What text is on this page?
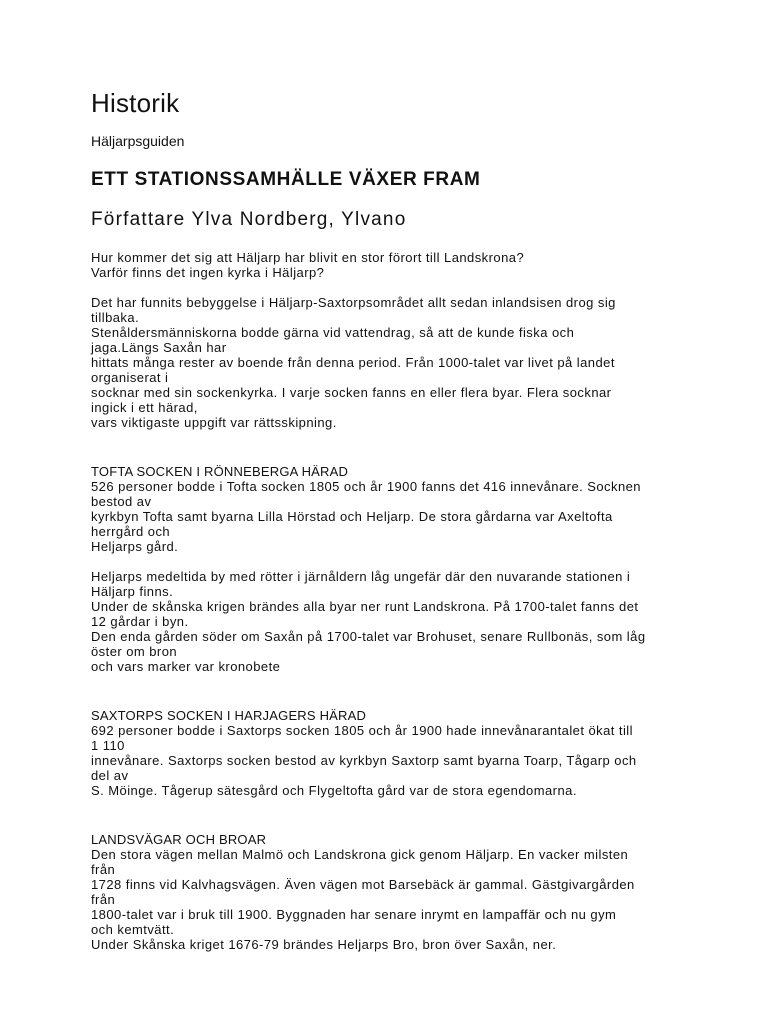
Historik

Häljarpsguiden

ETT STATIONSSAMHÄLLE VÄXER FRAM

Författare Ylva Nordberg, Ylvano

Hur kommer det sig att Häljarp har blivit en stor förort till Landskrona?

Varför finns det ingen kyrka i Häljarp?

Det har funnits bebyggelse i Häljarp-Saxtorpsområdet allt sedan inlandsisen drog sig

tillbaka.

Stenåldersmänniskorna bodde gärna vid vattendrag, så att de kunde fiska och

jaga.Längs Saxån har

hittats många rester av boende från denna period. Från 1000-talet var livet på landet

organiserat i

socknar med sin sockenkyrka. I varje socken fanns en eller flera byar. Flera socknar

ingick i ett härad,

vars viktigaste uppgift var rättsskipning.

TOFTA SOCKEN I RÖNNEBERGA HÄRAD

526 personer bodde i Tofta socken 1805 och år 1900 fanns det 416 innevånare. Socknen

bestod av

kyrkbyn Tofta samt byarna Lilla Hörstad och Heljarp. De stora gårdarna var Axeltofta

herrgård och

Heljarps gård.

Heljarps medeltida by med rötter i järnåldern låg ungefär där den nuvarande stationen i

Häljarp finns.

Under de skånska krigen brändes alla byar ner runt Landskrona. På 1700-talet fanns det

12 gårdar i byn.

Den enda gården söder om Saxån på 1700-talet var Brohuset, senare Rullbonäs, som låg

öster om bron

och vars marker var kronobete

SAXTORPS SOCKEN I HARJAGERS HÄRAD

692 personer bodde i Saxtorps socken 1805 och år 1900 hade innevånarantalet ökat till

1 110

innevånare. Saxtorps socken bestod av kyrkbyn Saxtorp samt byarna Toarp, Tågarp och

del av

S. Möinge. Tågerup sätesgård och Flygeltofta gård var de stora egendomarna.

LANDSVÄGAR OCH BROAR

Den stora vägen mellan Malmö och Landskrona gick genom Häljarp. En vacker milsten

från

1728 finns vid Kalvhagsvägen. Även vägen mot Barsebäck är gammal. Gästgivargården

från

1800-talet var i bruk till 1900. Byggnaden har senare inrymt en lampaffär och nu gym

och kemtvätt.

Under Skånska kriget 1676-79 brändes Heljarps Bro, bron över Saxån, ner.
